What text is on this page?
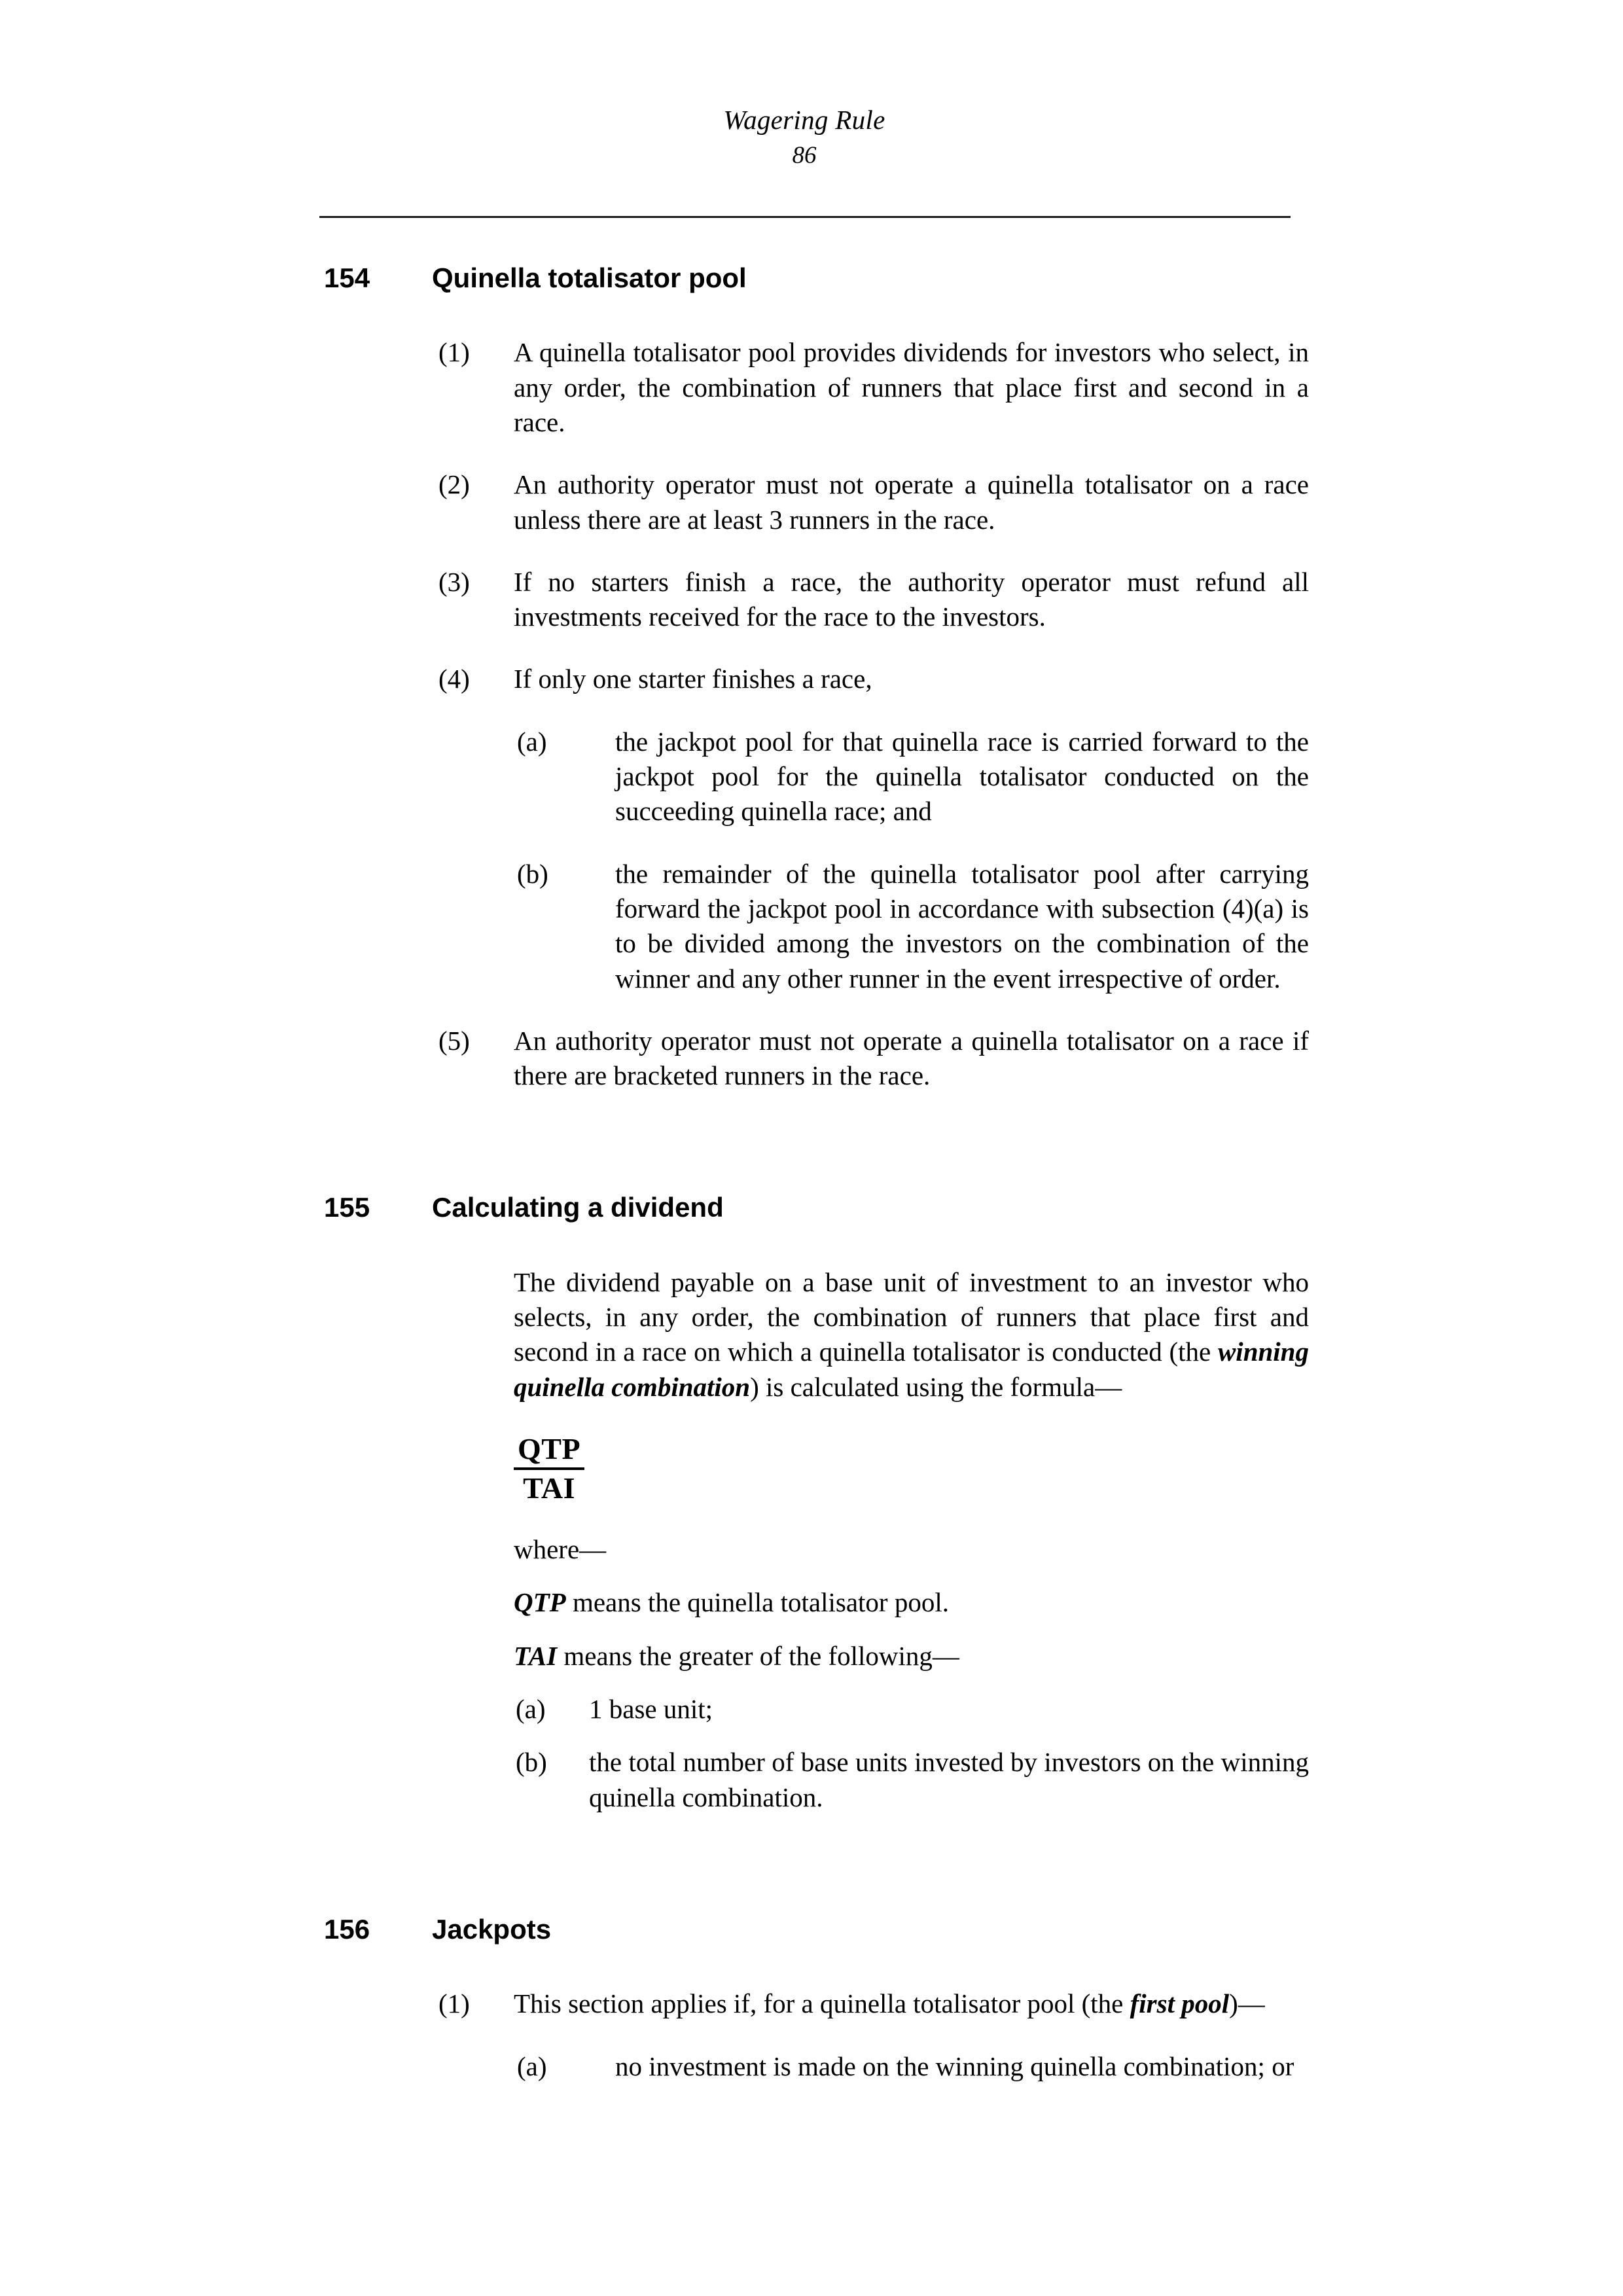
Wagering Rule
86
154	Quinella totalisator pool
(1)	A quinella totalisator pool provides dividends for investors who select, in any order, the combination of runners that place first and second in a race.
(2)	An authority operator must not operate a quinella totalisator on a race unless there are at least 3 runners in the race.
(3)	If no starters finish a race, the authority operator must refund all investments received for the race to the investors.
(4)	If only one starter finishes a race,
(a)	the jackpot pool for that quinella race is carried forward to the jackpot pool for the quinella totalisator conducted on the succeeding quinella race; and
(b)	the remainder of the quinella totalisator pool after carrying forward the jackpot pool in accordance with subsection (4)(a) is to be divided among the investors on the combination of the winner and any other runner in the event irrespective of order.
(5)	An authority operator must not operate a quinella totalisator on a race if there are bracketed runners in the race.
155	Calculating a dividend
The dividend payable on a base unit of investment to an investor who selects, in any order, the combination of runners that place first and second in a race on which a quinella totalisator is conducted (the winning quinella combination) is calculated using the formula—
$\frac{\text{QTP}}{\text{TAI}}$
where—
QTP means the quinella totalisator pool.
TAI means the greater of the following—
(a)	1 base unit;
(b)	the total number of base units invested by investors on the winning quinella combination.
156	Jackpots
(1)	This section applies if, for a quinella totalisator pool (the first pool)—
(a)	no investment is made on the winning quinella combination; or
